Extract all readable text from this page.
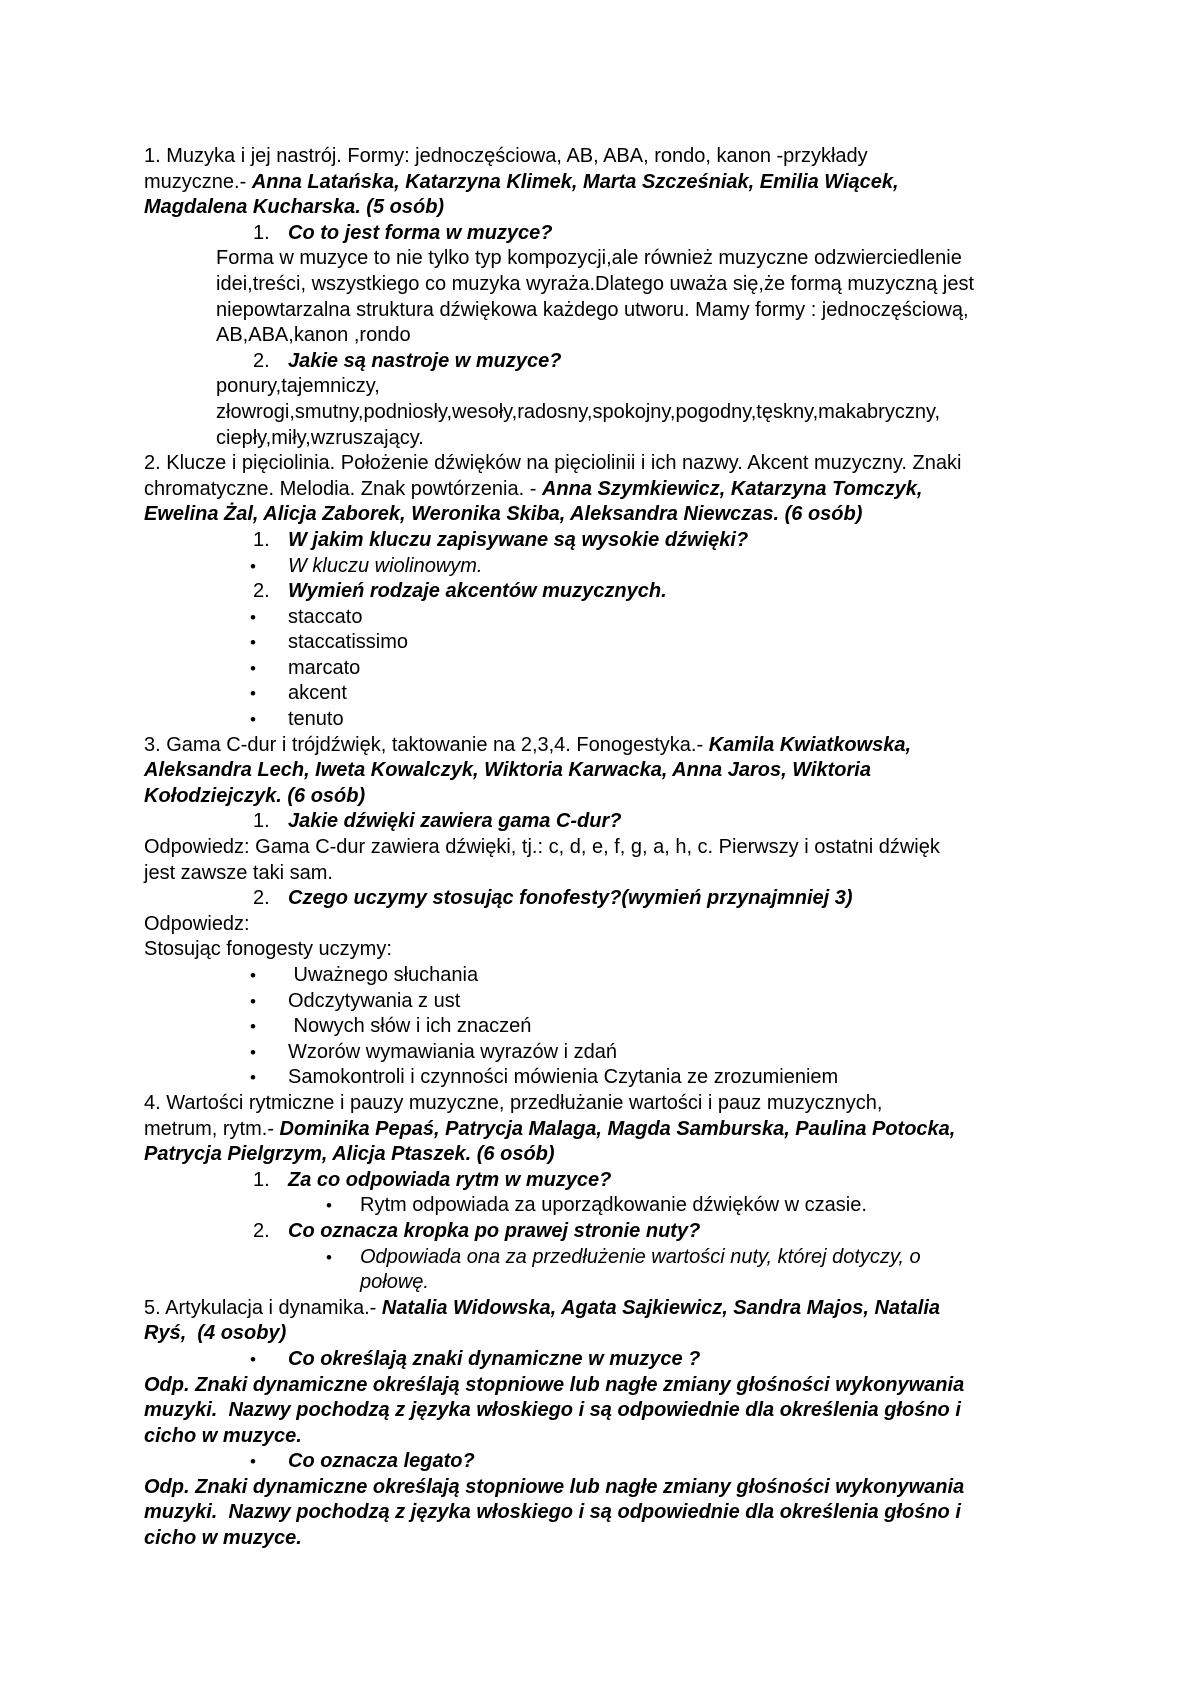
1. Muzyka i jej nastrój. Formy: jednoczęściowa, AB, ABA, rondo, kanon -przykłady

muzyczne.- Anna Latańska, Katarzyna Klimek, Marta Szcześniak, Emilia Wiącek,

Magdalena Kucharska. (5 osób)

1. Co to jest forma w muzyce?

Forma w muzyce to nie tylko typ kompozycji,ale również muzyczne odzwierciedlenie

idei,treści, wszystkiego co muzyka wyraża.Dlatego uważa się,że formą muzyczną jest

niepowtarzalna struktura dźwiękowa każdego utworu. Mamy formy : jednoczęściową,

AB,ABA,kanon ,rondo

2. Jakie są nastroje w muzyce?

ponury,tajemniczy,

złowrogi,smutny,podniosły,wesoły,radosny,spokojny,pogodny,tęskny,makabryczny,

ciepły,miły,wzruszający.

2. Klucze i pięciolinia. Położenie dźwięków na pięciolinii i ich nazwy. Akcent muzyczny. Znaki

chromatyczne. Melodia. Znak powtórzenia. - Anna Szymkiewicz, Katarzyna Tomczyk,

Ewelina Żal, Alicja Zaborek, Weronika Skiba, Aleksandra Niewczas. (6 osób)

1. W jakim kluczu zapisywane są wysokie dźwięki?

• W kluczu wiolinowym.

2. Wymień rodzaje akcentów muzycznych.

• staccato

• staccatissimo

• marcato

• akcent

• tenuto

3. Gama C-dur i trójdźwięk, taktowanie na 2,3,4. Fonogestyka.- Kamila Kwiatkowska,

Aleksandra Lech, Iweta Kowalczyk, Wiktoria Karwacka, Anna Jaros, Wiktoria

Kołodziejczyk. (6 osób)

1. Jakie dźwięki zawiera gama C-dur?

Odpowiedz: Gama C-dur zawiera dźwięki, tj.: c, d, e, f, g, a, h, c. Pierwszy i ostatni dźwięk

jest zawsze taki sam.

2. Czego uczymy stosując fonofesty?(wymień przynajmniej 3)

Odpowiedz:

Stosując fonogesty uczymy:

• Uważnego słuchania

• Odczytywania z ust

• Nowych słów i ich znaczeń

• Wzorów wymawiania wyrazów i zdań

• Samokontroli i czynności mówienia Czytania ze zrozumieniem

4. Wartości rytmiczne i pauzy muzyczne, przedłużanie wartości i pauz muzycznych,

metrum, rytm.- Dominika Pepaś, Patrycja Malaga, Magda Samburska, Paulina Potocka,

Patrycja Pielgrzym, Alicja Ptaszek. (6 osób)

1. Za co odpowiada rytm w muzyce?

• Rytm odpowiada za uporządkowanie dźwięków w czasie.

2. Co oznacza kropka po prawej stronie nuty?

• Odpowiada ona za przedłużenie wartości nuty, której dotyczy, o

połowę.

5. Artykulacja i dynamika.- Natalia Widowska, Agata Sajkiewicz, Sandra Majos, Natalia

Ryś,  (4 osoby)

• Co określają znaki dynamiczne w muzyce ?

Odp. Znaki dynamiczne określają stopniowe lub nagłe zmiany głośności wykonywania

muzyki.  Nazwy pochodzą z języka włoskiego i są odpowiednie dla określenia głośno i

cicho w muzyce.

• Co oznacza legato?

Odp. Znaki dynamiczne określają stopniowe lub nagłe zmiany głośności wykonywania

muzyki.  Nazwy pochodzą z języka włoskiego i są odpowiednie dla określenia głośno i

cicho w muzyce.
